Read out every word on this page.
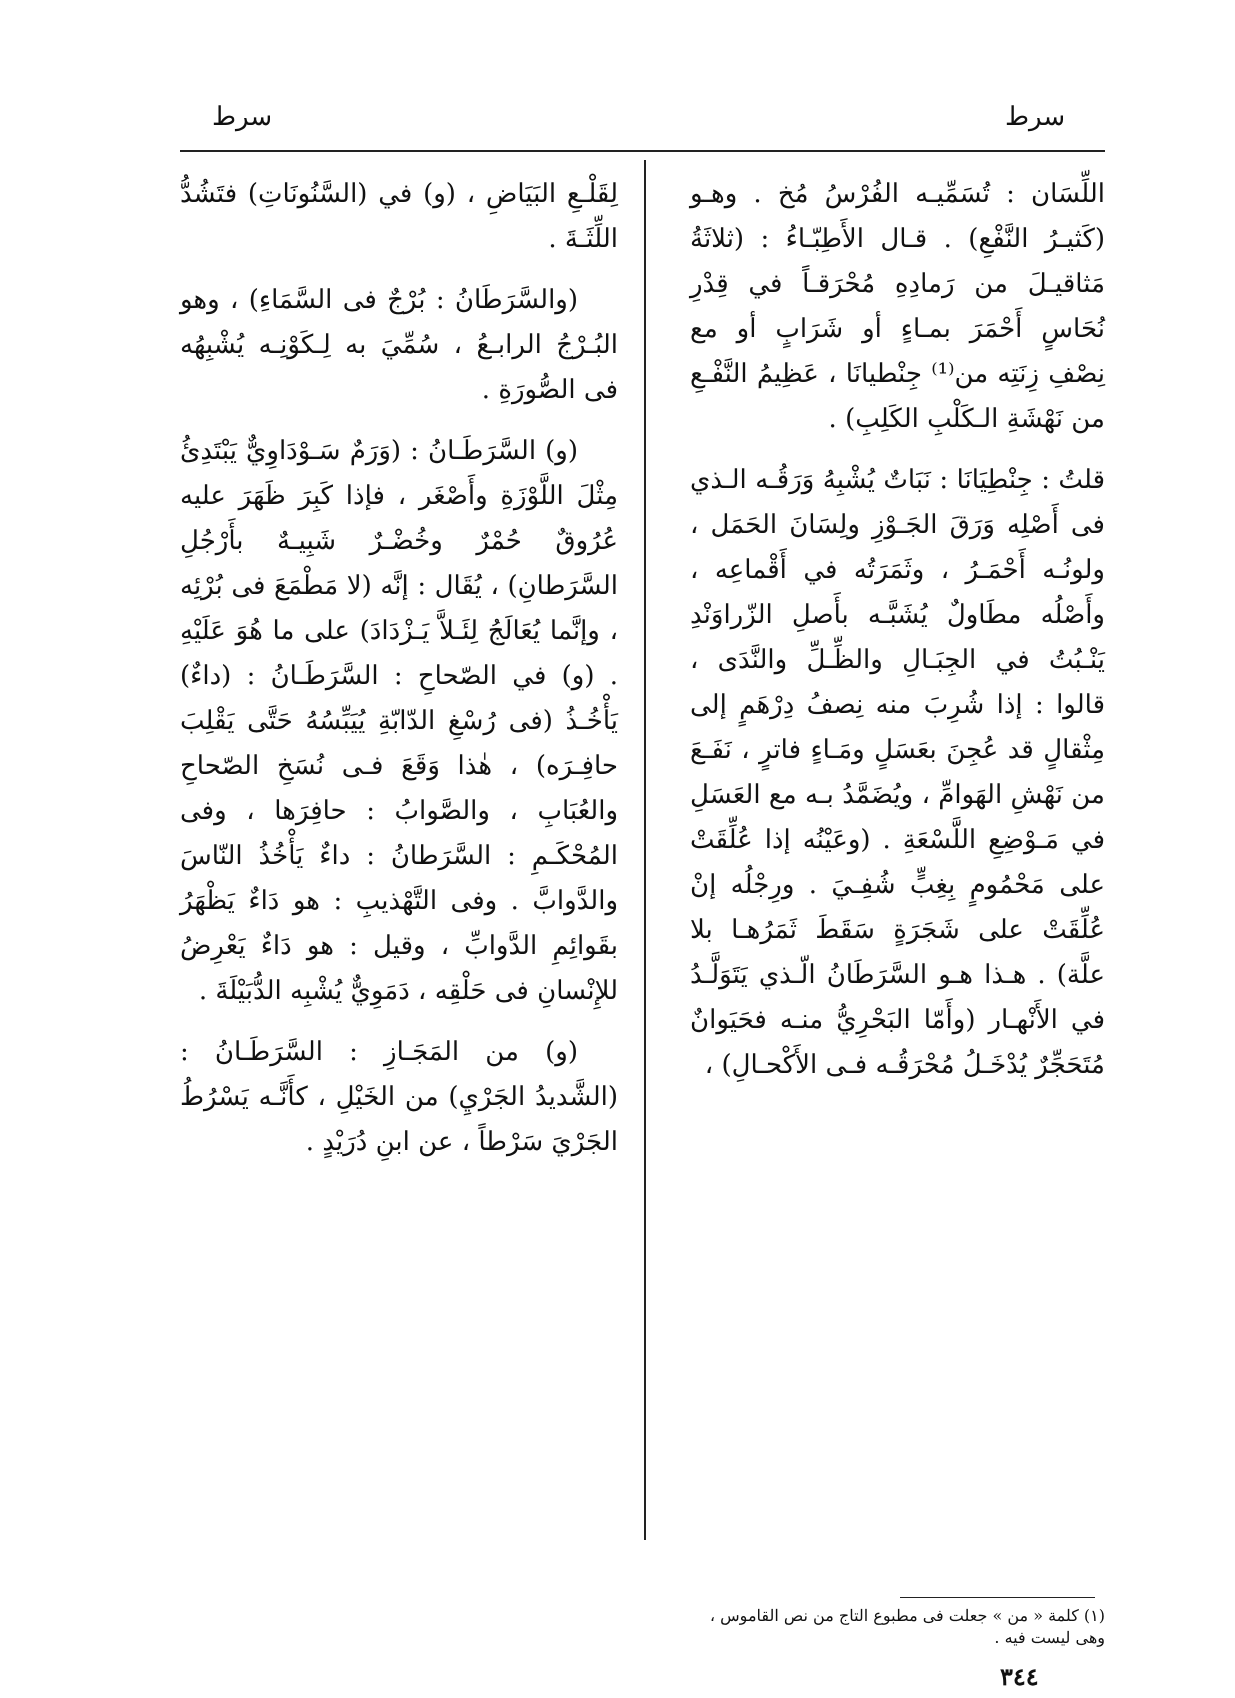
سرط
سرط

اللِّسَان : تُسَمِّيـه الفُرْسُ مُخ . وهـو (كَثيـرُ النَّفْعِ) . قـال الأَطِبّـاءُ : (ثلاثَةُ مَثاقيـلَ من رَمادِهِ مُحْرَقـاً في قِدْرِ نُحَاسٍ أَحْمَرَ بمـاءٍ أو شَرَابٍ أو مع نِصْفِ زِنَتِه من⁽¹⁾ جِنْطيانَا ، عَظِيمُ النَّفْـعِ من نَهْشَةِ الـكَلْبِ الكَلِبِ) .

قلتُ : جِنْطِيَانَا : نَبَاتٌ يُشْبِهُ وَرَقُـه الـذي فى أَصْلِه وَرَقَ الجَـوْزِ ولِسَانَ الحَمَل ، ولونُـه أَحْمَـرُ ، وثَمَرَتُه في أَقْماعِه ، وأَصْلُه مطَاولٌ يُشَبَّـه بأَصلِ الزّراوَنْدِ يَنْـبُتُ في الجِبَـالِ والظِّـلِّ والنَّدَى ، قالوا : إذا شُرِبَ منه نِصفُ دِرْهَمٍ إلى مِثْقالٍ قد عُجِنَ بعَسَلٍ ومَـاءٍ فاترٍ ، نَفَـعَ من نَهْشِ الهَوامِّ ، ويُضَمَّدُ بـه مع العَسَلِ في مَـوْضِعِ اللَّسْعَةِ . (وعَيْنُه إذا عُلِّقَتْ على مَحْمُومٍ بِغِبٍّ شُفِـيَ . ورِجْلُه إنْ عُلِّقَتْ على شَجَرَةٍ سَقَطَ ثَمَرُهـا بلا علَّة) . هـذا هـو السَّرَطَانُ الّـذي يَتَوَلَّـدُ في الأَنْهـار (وأَمّا البَحْرِيُّ منـه فحَيَوانٌ مُتَحَجِّرٌ يُدْخَـلُ مُحْرَقُـه فـى الأَكْحـالِ) ،

لِقَلْـعِ البَيَاضِ ، (و) في (السَّنُونَاتِ) فتَشُدُّ اللِّثَـةَ .

(والسَّرَطَانُ : بُرْجٌ فى السَّمَاءِ) ، وهو البُـرْجُ الرابـعُ ، سُمِّيَ به لِـكَوْنِـه يُشْبِهُه فى الصُّورَةِ .

(و) السَّرَطَـانُ : (وَرَمٌ سَـوْدَاوِيٌّ يَبْتَدِئُ مِثْلَ اللَّوْزَةِ وأَصْغَر ، فإذا كَبِرَ ظَهَرَ عليه عُرُوقٌ حُمْرٌ وخُضْـرٌ شَبِيـهٌ بأَرْجُلِ السَّرَطانِ) ، يُقَال : إنَّه (لا مَطْمَعَ فى بُرْئِه ، وإنَّما يُعَالَجُ لِئَـلاَّ يَـزْدَادَ) على ما هُوَ عَلَيْهِ . (و) في الصّحاحِ : السَّرَطَـانُ : (داءٌ) يَأْخُـذُ (فى رُسْغِ الدّابّةِ يُيَبِّسُهُ حَتَّى يَقْلِبَ حافِـرَه) ، هٰذا وَقَعَ فـى نُسَخِ الصّحاحِ والعُبَابِ ، والصَّوابُ : حافِرَها ، وفى المُحْكَـمِ : السَّرَطانُ : داءٌ يَأْخُذُ النّاسَ والدَّوابَّ . وفى التَّهْذيبِ : هو دَاءٌ يَظْهَرُ بقَوائِمِ الدَّوابِّ ، وقيل : هو دَاءٌ يَعْرِضُ للإِنْسانِ فى حَلْقِه ، دَمَوِيٌّ يُشْبِه الدُّبَيْلَةَ .

(و) من المَجَـازِ : السَّرَطَـانُ : (الشَّديدُ الجَرْيِ) من الخَيْلِ ، كأَنَّـه يَسْرُطُ الجَرْيَ سَرْطاً ، عن ابنِ دُرَيْدٍ .

(١) كلمة « من » جعلت فى مطبوع التاج من نص القاموس ، وهى ليست فيه .
٣٤٤
